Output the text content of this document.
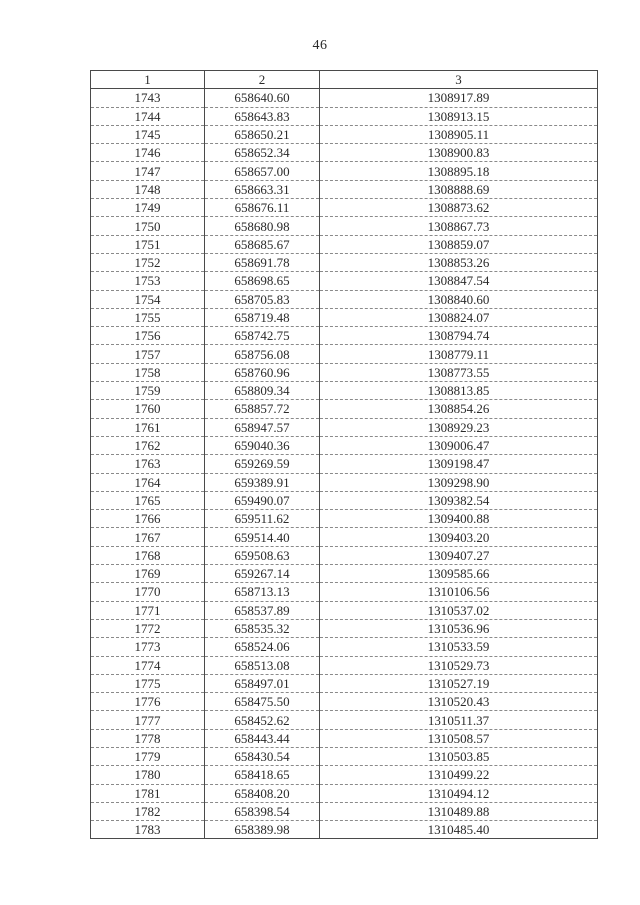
46
1	2	3
1743	658640.60	1308917.89
1744	658643.83	1308913.15
1745	658650.21	1308905.11
1746	658652.34	1308900.83
1747	658657.00	1308895.18
1748	658663.31	1308888.69
1749	658676.11	1308873.62
1750	658680.98	1308867.73
1751	658685.67	1308859.07
1752	658691.78	1308853.26
1753	658698.65	1308847.54
1754	658705.83	1308840.60
1755	658719.48	1308824.07
1756	658742.75	1308794.74
1757	658756.08	1308779.11
1758	658760.96	1308773.55
1759	658809.34	1308813.85
1760	658857.72	1308854.26
1761	658947.57	1308929.23
1762	659040.36	1309006.47
1763	659269.59	1309198.47
1764	659389.91	1309298.90
1765	659490.07	1309382.54
1766	659511.62	1309400.88
1767	659514.40	1309403.20
1768	659508.63	1309407.27
1769	659267.14	1309585.66
1770	658713.13	1310106.56
1771	658537.89	1310537.02
1772	658535.32	1310536.96
1773	658524.06	1310533.59
1774	658513.08	1310529.73
1775	658497.01	1310527.19
1776	658475.50	1310520.43
1777	658452.62	1310511.37
1778	658443.44	1310508.57
1779	658430.54	1310503.85
1780	658418.65	1310499.22
1781	658408.20	1310494.12
1782	658398.54	1310489.88
1783	658389.98	1310485.40
